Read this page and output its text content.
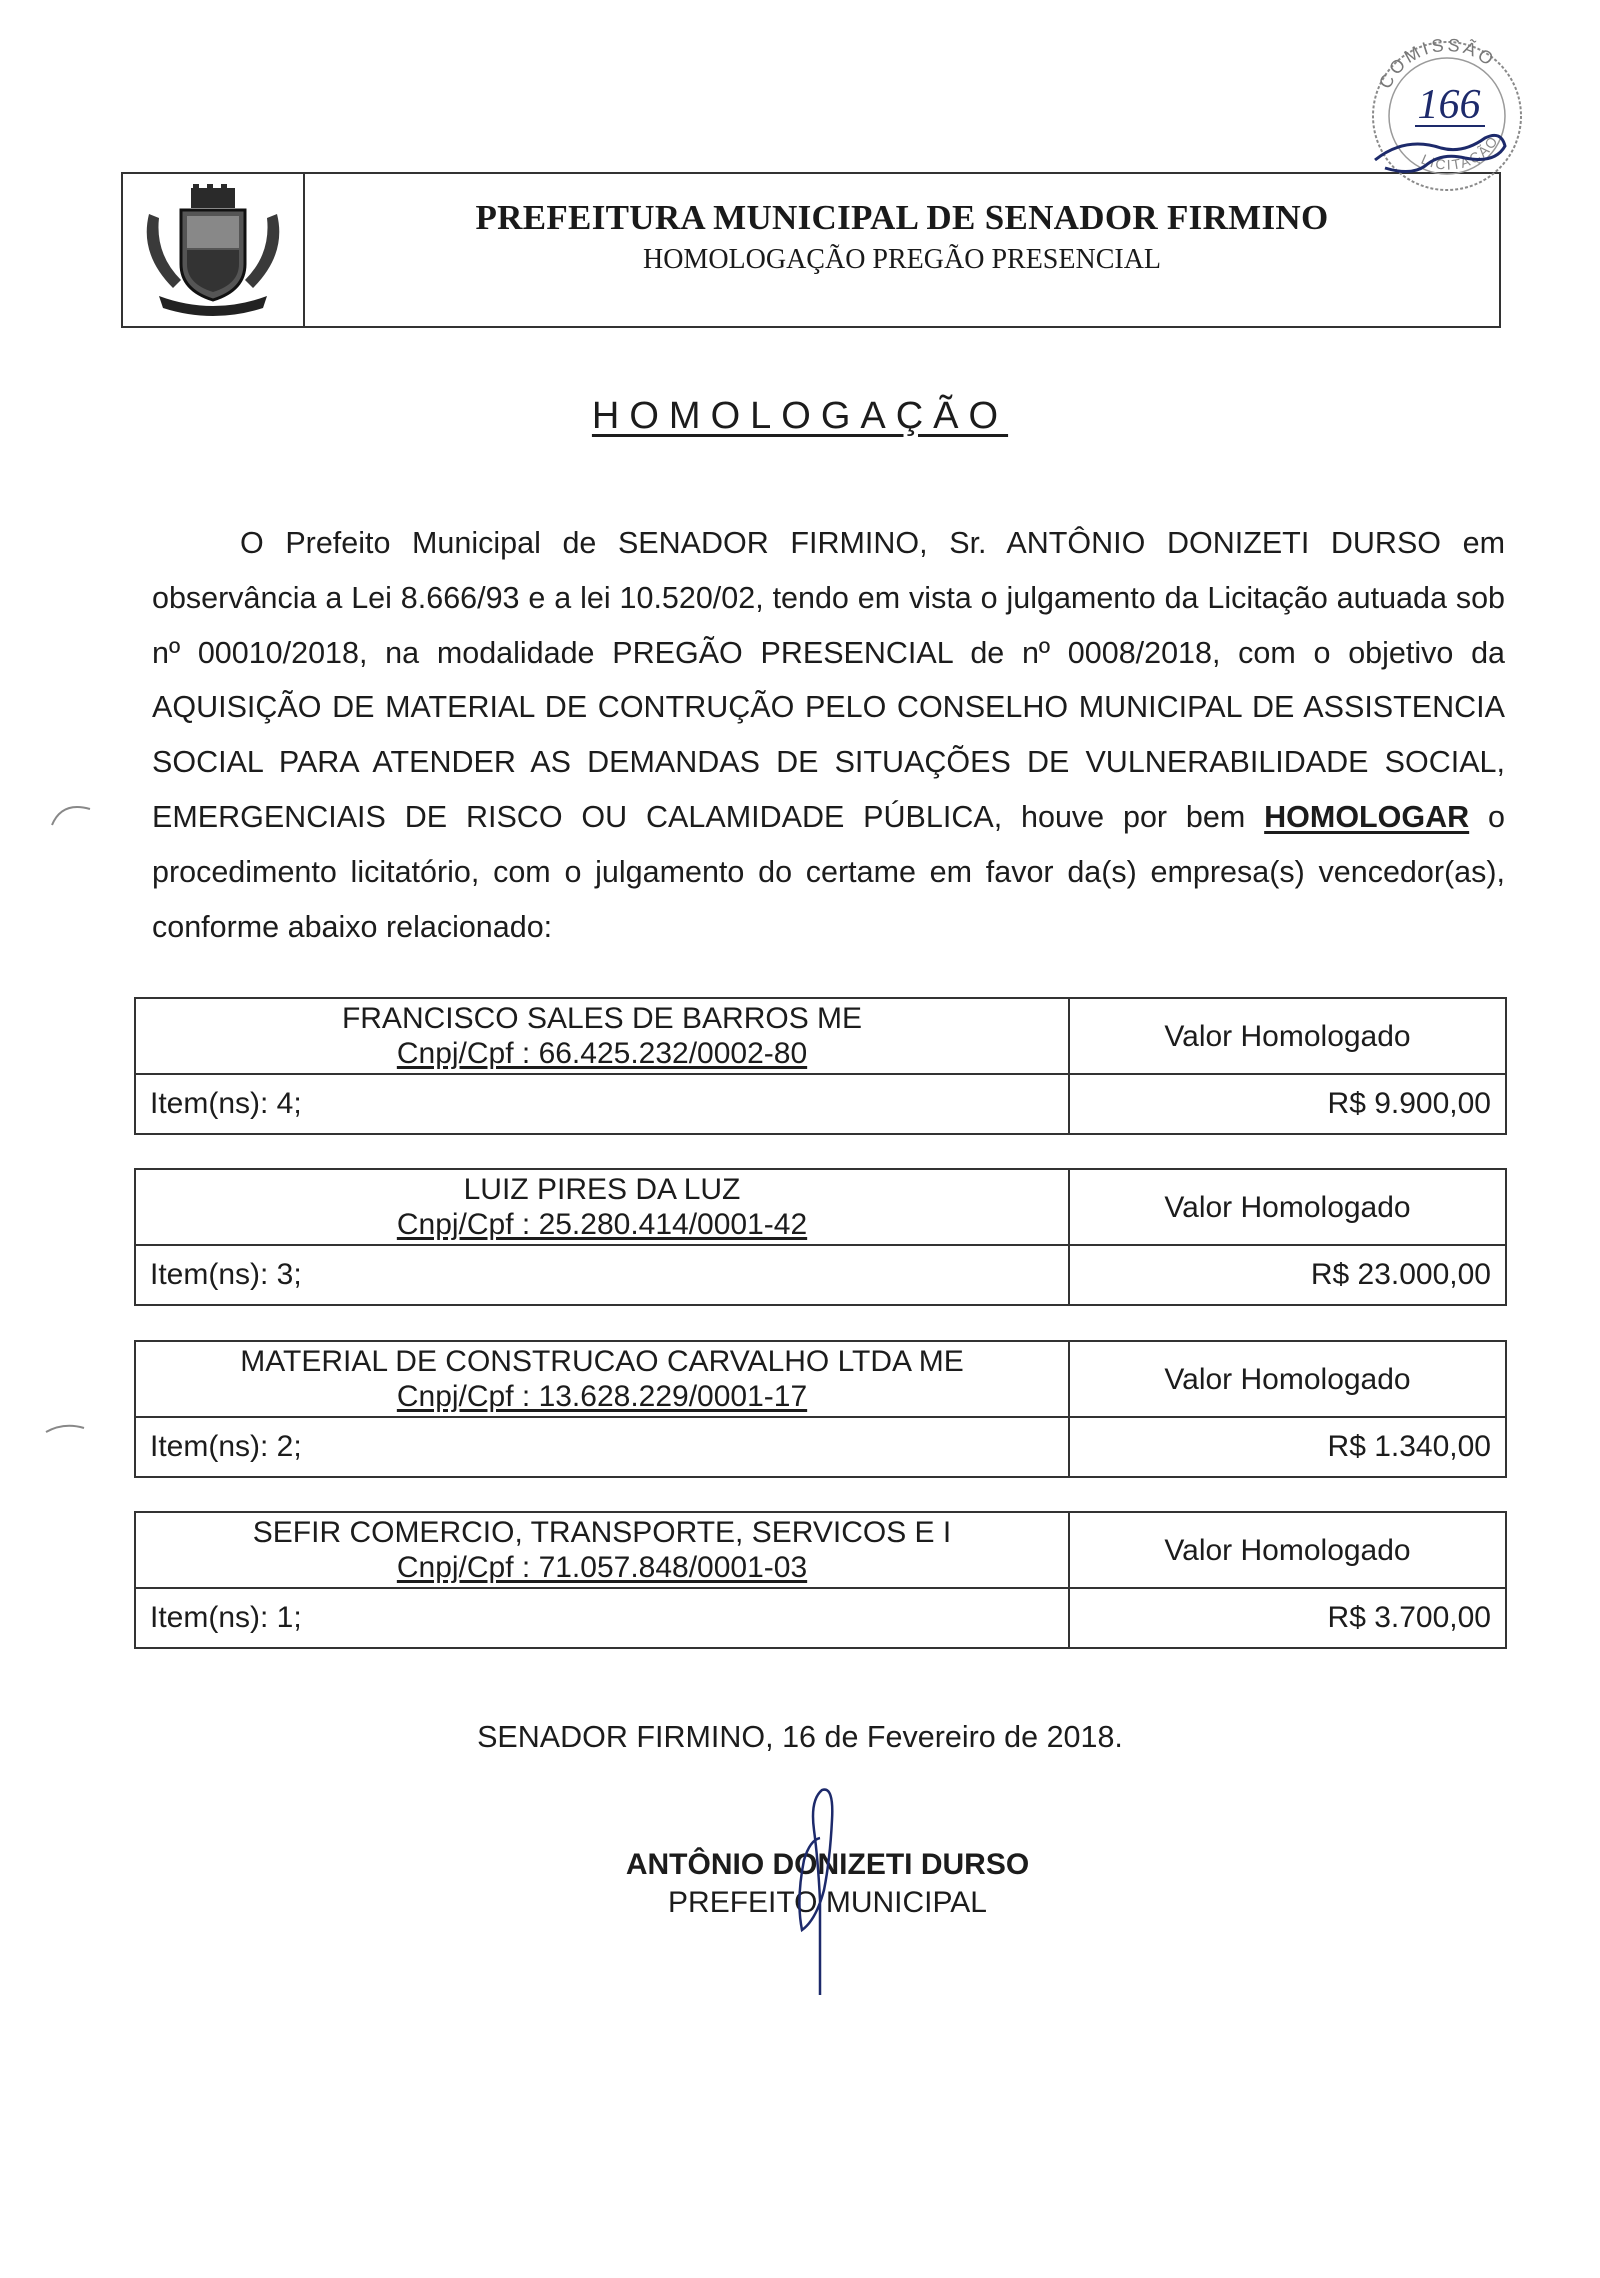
PREFEITURA MUNICIPAL DE SENADOR FIRMINO
HOMOLOGAÇÃO PREGÃO PRESENCIAL
COMISSÃO
LICITAÇÃO
166
HOMOLOGAÇÃO

O Prefeito Municipal de SENADOR FIRMINO, Sr. ANTÔNIO DONIZETI DURSO em observância a Lei 8.666/93 e a lei 10.520/02, tendo em vista o julgamento da Licitação autuada sob nº 00010/2018, na modalidade PREGÃO PRESENCIAL de nº 0008/2018, com o objetivo da AQUISIÇÃO DE MATERIAL DE CONTRUÇÃO PELO CONSELHO MUNICIPAL DE ASSISTENCIA SOCIAL PARA ATENDER AS DEMANDAS DE SITUAÇÕES DE VULNERABILIDADE SOCIAL, EMERGENCIAIS DE RISCO OU CALAMIDADE PÚBLICA, houve por bem HOMOLOGAR o procedimento licitatório, com o julgamento do certame em favor da(s) empresa(s) vencedor(as), conforme abaixo relacionado:

FRANCISCO SALES DE BARROS ME
Cnpj/Cpf : 66.425.232/0002-80
Valor Homologado
Item(ns): 4;	R$ 9.900,00
LUIZ PIRES DA LUZ
Cnpj/Cpf : 25.280.414/0001-42
Valor Homologado
Item(ns): 3;	R$ 23.000,00
MATERIAL DE CONSTRUCAO CARVALHO LTDA ME
Cnpj/Cpf : 13.628.229/0001-17
Valor Homologado
Item(ns): 2;	R$ 1.340,00
SEFIR COMERCIO, TRANSPORTE, SERVICOS E I
Cnpj/Cpf : 71.057.848/0001-03
Valor Homologado
Item(ns): 1;	R$ 3.700,00
SENADOR FIRMINO, 16 de Fevereiro de 2018.
ANTÔNIO DONIZETI DURSO
PREFEITO MUNICIPAL
